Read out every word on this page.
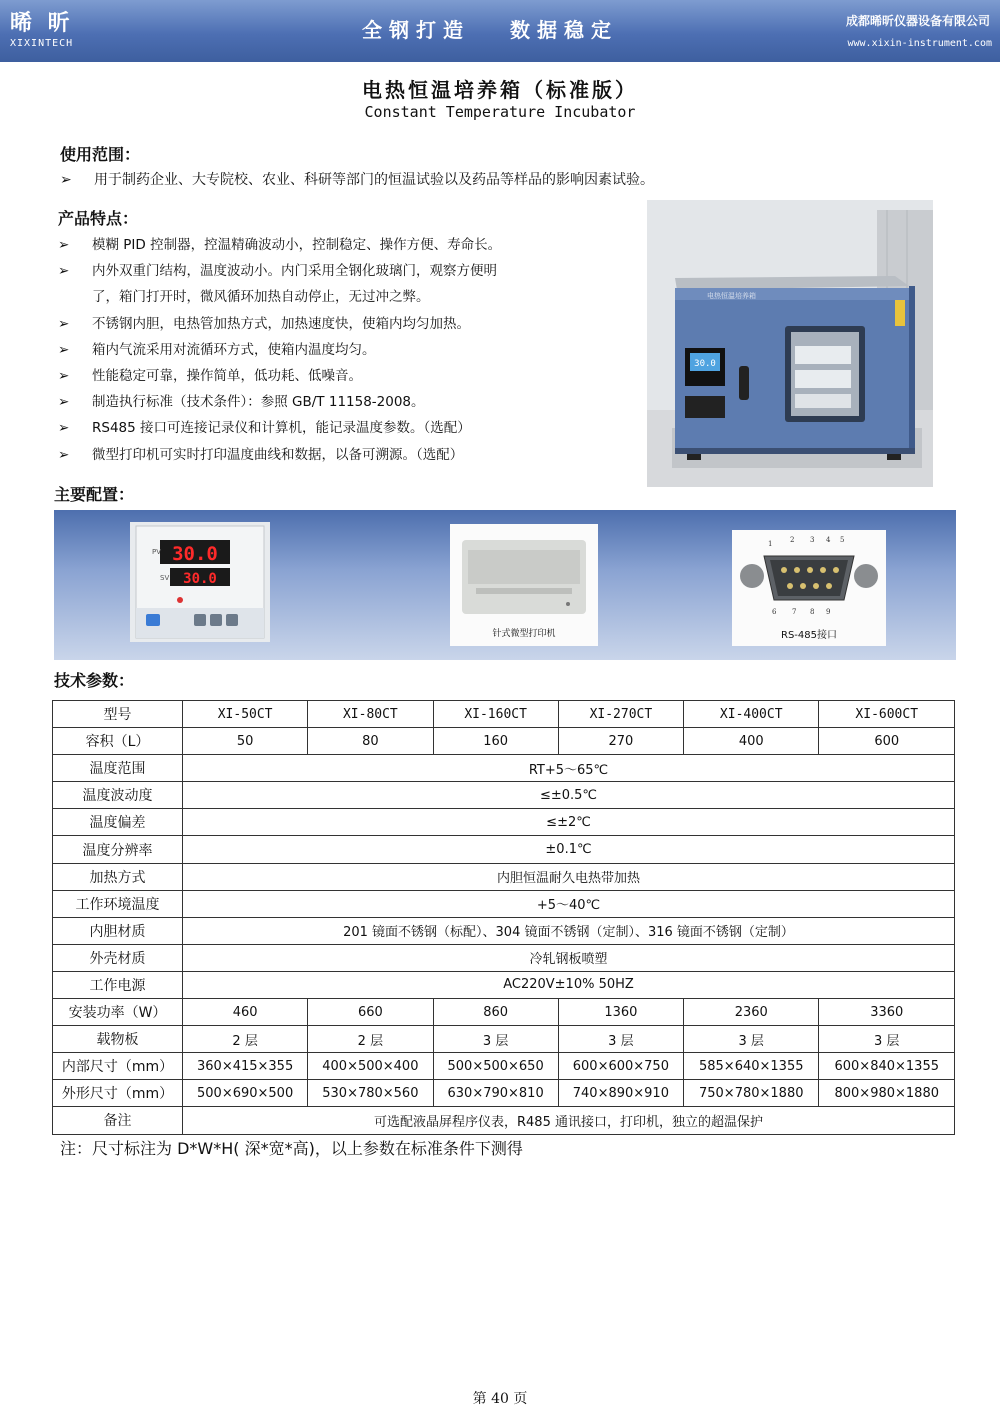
晞 昕
XIXINTECH
全钢打造 数据稳定	成都晞昕仪器设备有限公司
www.xixin-instrument.com
电热恒温培养箱（标准版）
Constant Temperature Incubator
使用范围：
➢ 用于制药企业、大专院校、农业、科研等部门的恒温试验以及药品等样品的影响因素试验。
产品特点：
➢ 模糊 PID 控制器，控温精确波动小，控制稳定、操作方便、寿命长。
➢ 内外双重门结构，温度波动小。内门采用全钢化玻璃门，观察方便明
了，箱门打开时，微风循环加热自动停止，无过冲之弊。
➢ 不锈钢内胆，电热管加热方式，加热速度快，使箱内均匀加热。
➢ 箱内气流采用对流循环方式，使箱内温度均匀。
➢ 性能稳定可靠，操作简单，低功耗、低噪音。
➢ 制造执行标准（技术条件）：参照 GB/T 11158-2008。
➢ RS485 接口可连接记录仪和计算机，能记录温度参数。（选配）
➢ 微型打印机可实时打印温度曲线和数据，以备可溯源。（选配）
30.0
电热恒温培养箱
主要配置：
PV
SV
30.0
30.0
针式微型打印机
1	2 3 4 5
6 7 8 9
RS-485接口
技术参数：
型号	XI-50CT	XI-80CT	XI-160CT	XI-270CT	XI-400CT	XI-600CT
容积（L）	50	80	160	270	400	600
温度范围	RT+5～65℃					
温度波动度	≤±0.5℃					
温度偏差	≤±2℃					
温度分辨率	±0.1℃					
加热方式	内胆恒温耐久电热带加热					
工作环境温度	+5～40℃					
内胆材质	201 镜面不锈钢（标配）、304 镜面不锈钢（定制）、316 镜面不锈钢（定制）					
外壳材质	冷轧钢板喷塑					
工作电源	AC220V±10% 50HZ					
安装功率（W）	460	660	860	1360	2360	3360
载物板	2 层	2 层	3 层	3 层	3 层	3 层
内部尺寸（mm）	360×415×355	400×500×400	500×500×650	600×600×750	585×640×1355	600×840×1355
外形尺寸（mm）	500×690×500	530×780×560	630×790×810	740×890×910	750×780×1880	800×980×1880
备注	可选配液晶屏程序仪表，R485 通讯接口，打印机，独立的超温保护					
注：尺寸标注为 D*W*H( 深*宽*高)，以上参数在标准条件下测得
第 40 页
